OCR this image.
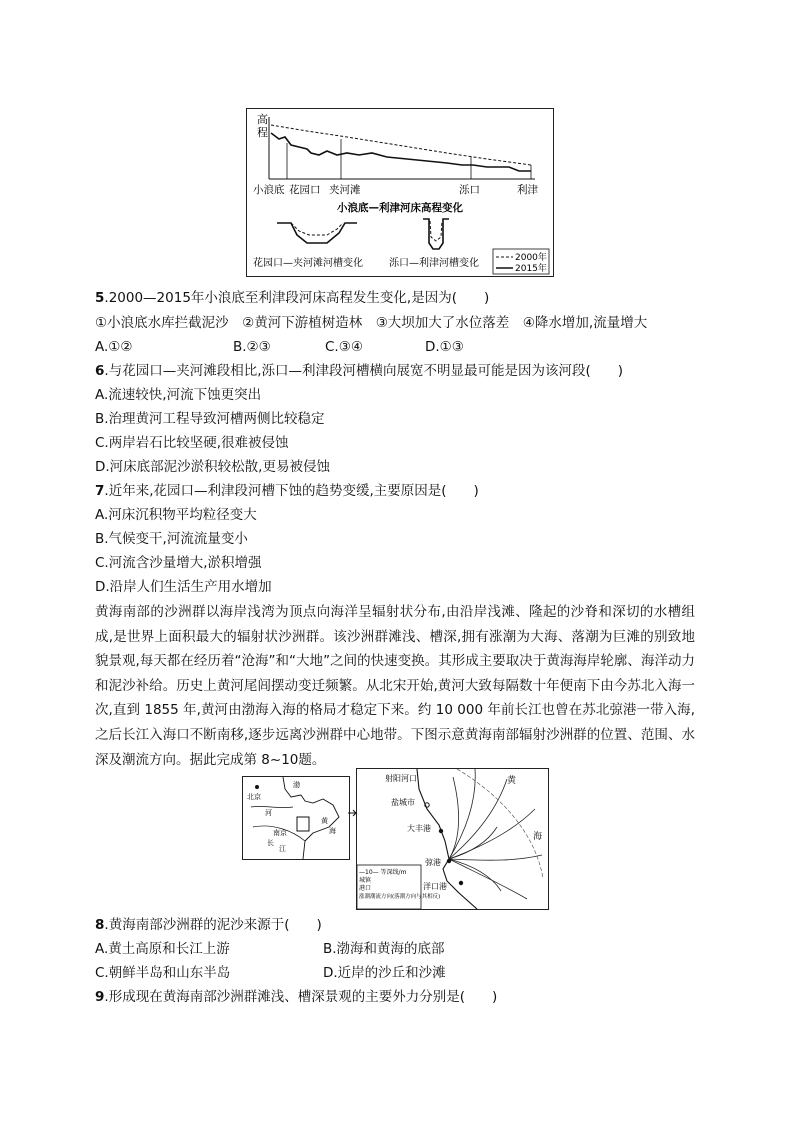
高
程
小浪底 花园口 夹河滩	泺口	利津
小浪底—利津河床高程变化
花园口—夹河滩河槽变化	泺口—利津河槽变化	2000年
2015年
5.2000—2015年小浪底至利津段河床高程发生变化,是因为(　　)
①小浪底水库拦截泥沙　②黄河下游植树造林　③大坝加大了水位落差　④降水增加,流量增大
A.①②	B.②③	C.③④	D.①③
6.与花园口—夹河滩段相比,泺口—利津段河槽横向展宽不明显最可能是因为该河段(　　)
A.流速较快,河流下蚀更突出
B.治理黄河工程导致河槽两侧比较稳定
C.两岸岩石比较坚硬,很难被侵蚀
D.河床底部泥沙淤积较松散,更易被侵蚀
7.近年来,花园口—利津段河槽下蚀的趋势变缓,主要原因是(　　)
A.河床沉积物平均粒径变大
B.气候变干,河流流量变小
C.河流含沙量增大,淤积增强
D.沿岸人们生活生产用水增加
黄海南部的沙洲群以海岸浅湾为顶点向海洋呈辐射状分布,由沿岸浅滩、隆起的沙脊和深切的水槽组成,是世界上面积最大的辐射状沙洲群。该沙洲群滩浅、槽深,拥有涨潮为大海、落潮为巨滩的别致地貌景观,每天都在经历着“沧海”和“大地”之间的快速变换。其形成主要取决于黄海海岸轮廓、海洋动力和泥沙补给。历史上黄河尾闾摆动变迁频繁。从北宋开始,黄河大致每隔数十年便南下由今苏北入海一次,直到 1855 年,黄河由渤海入海的格局才稳定下来。约 10 000 年前长江也曾在苏北弶港一带入海,之后长江入海口不断南移,逐步远离沙洲群中心地带。下图示意黄海南部辐射沙洲群的位置、范围、水深及潮流方向。据此完成第 8~10题。
北京
渤
黄
海
河
南京
长
江
射阳河口
盐城市
大丰港
弶港
洋口港
黄
海
—10— 等深线/m
城镇
港口
涨潮潮流方向(落潮方向与其相反)
8.黄海南部沙洲群的泥沙来源于(　　)
A.黄土高原和长江上游	B.渤海和黄海的底部
C.朝鲜半岛和山东半岛	D.近岸的沙丘和沙滩
9.形成现在黄海南部沙洲群滩浅、槽深景观的主要外力分别是(　　)
